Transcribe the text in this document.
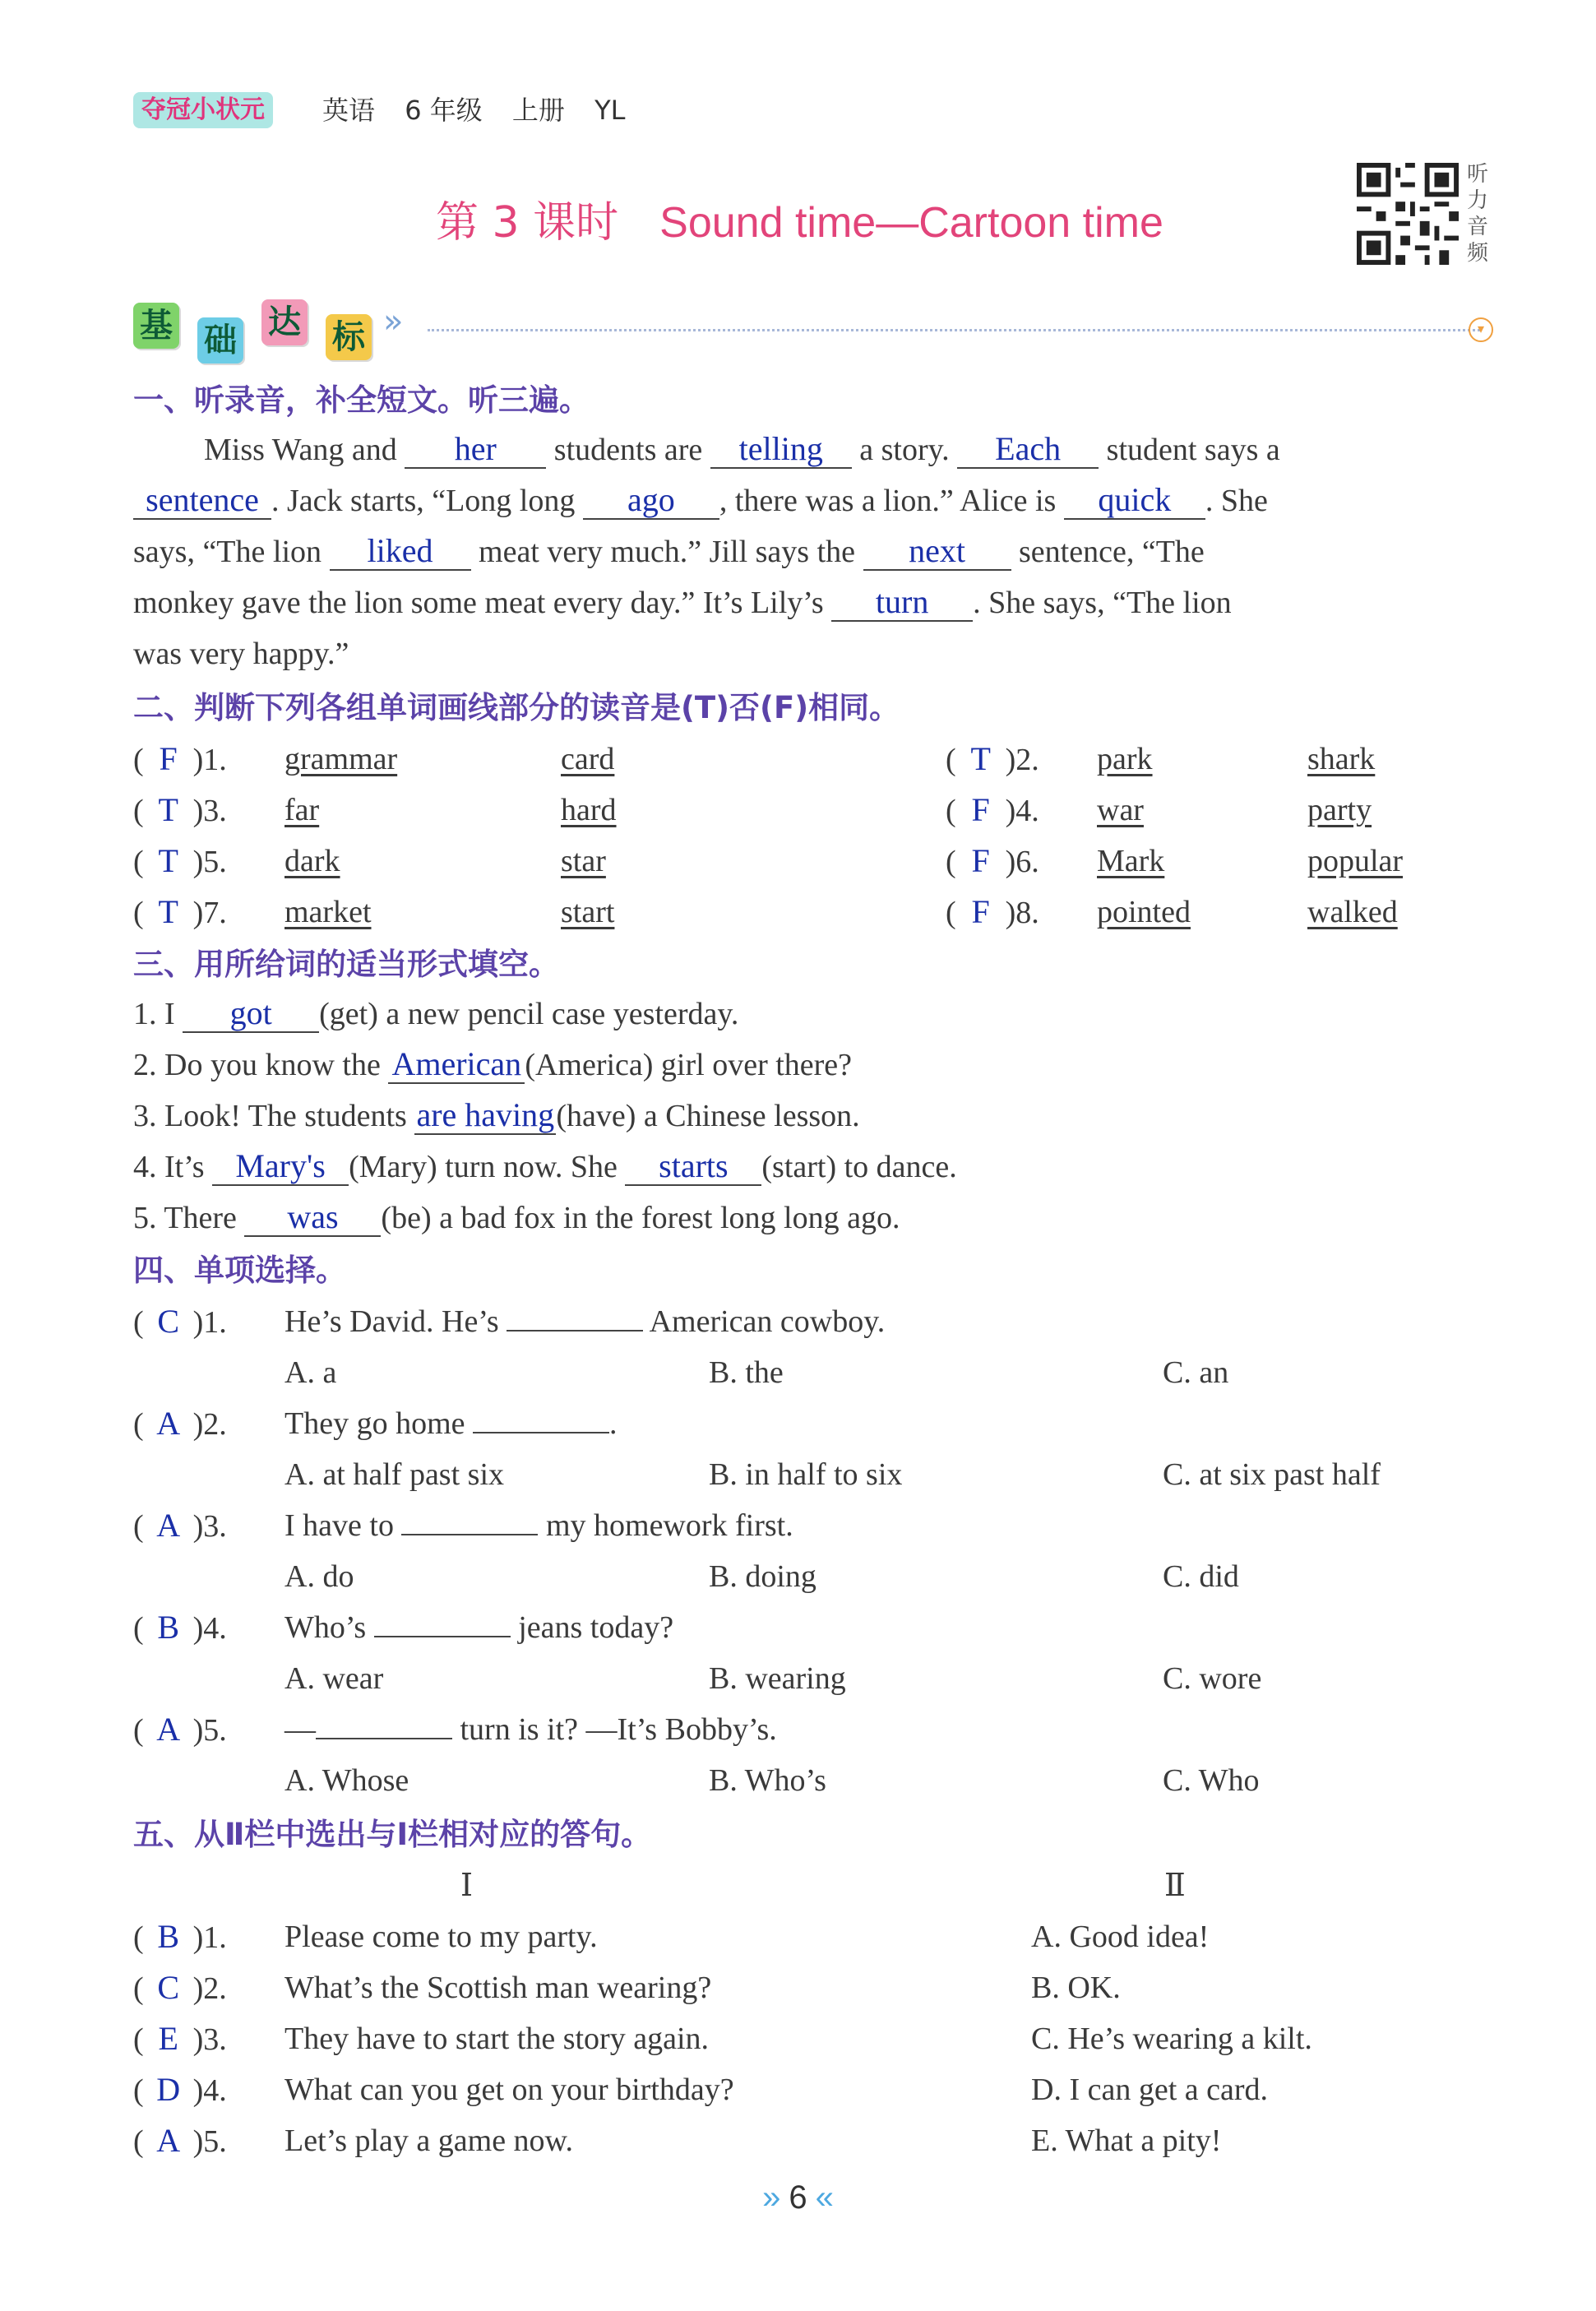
夺冠小状元	英语 6 年级 上册 YL
第 3 课时 Sound time—Cartoon time
听力音频
基 础 达 标 »	▾
一、听录音，补全短文。听三遍。
Miss Wang and her students are telling a story. Each student says a
sentence . Jack starts, “Long long ago , there was a lion.” Alice is quick . She
says, “The lion liked meat very much.” Jill says the next sentence, “The
monkey gave the lion some meat every day.” It’s Lily’s turn . She says, “The lion
was very happy.”
二、判断下列各组单词画线部分的读音是(T)否(F)相同。
( F )1. grammar	card	( T )2. park	shark
( T )3. far	hard	( F )4. war	party
( T )5. dark	star	( F )6. Mark	popular
( T )7. market	start	( F )8. pointed	walked
三、用所给词的适当形式填空。
1. I got (get) a new pencil case yesterday.
2. Do you know the American (America) girl over there?
3. Look! The students are having(have) a Chinese lesson.
4. It’s Mary's (Mary) turn now. She starts (start) to dance.
5. There was (be) a bad fox in the forest long long ago.
四、单项选择。
( C )1. He’s David. He’s	American cowboy.
A. a	B. the	C. an
( A )2. They go home	.
A. at half past six	B. in half to six	C. at six past half
( A )3. I have to	my homework first.
A. do	B. doing	C. did
( B )4. Who’s	jeans today?
A. wear	B. wearing	C. wore
( A )5. —	turn is it? —It’s Bobby’s.
A. Whose	B. Who’s	C. Who
五、从Ⅱ栏中选出与Ⅰ栏相对应的答句。
Ⅰ	Ⅱ
( B )1. Please come to my party.	A. Good idea!
( C )2. What’s the Scottish man wearing?	B. OK.
( E )3. They have to start the story again.	C. He’s wearing a kilt.
( D )4. What can you get on your birthday?	D. I can get a card.
( A )5. Let’s play a game now.	E. What a pity!
» 6 «
